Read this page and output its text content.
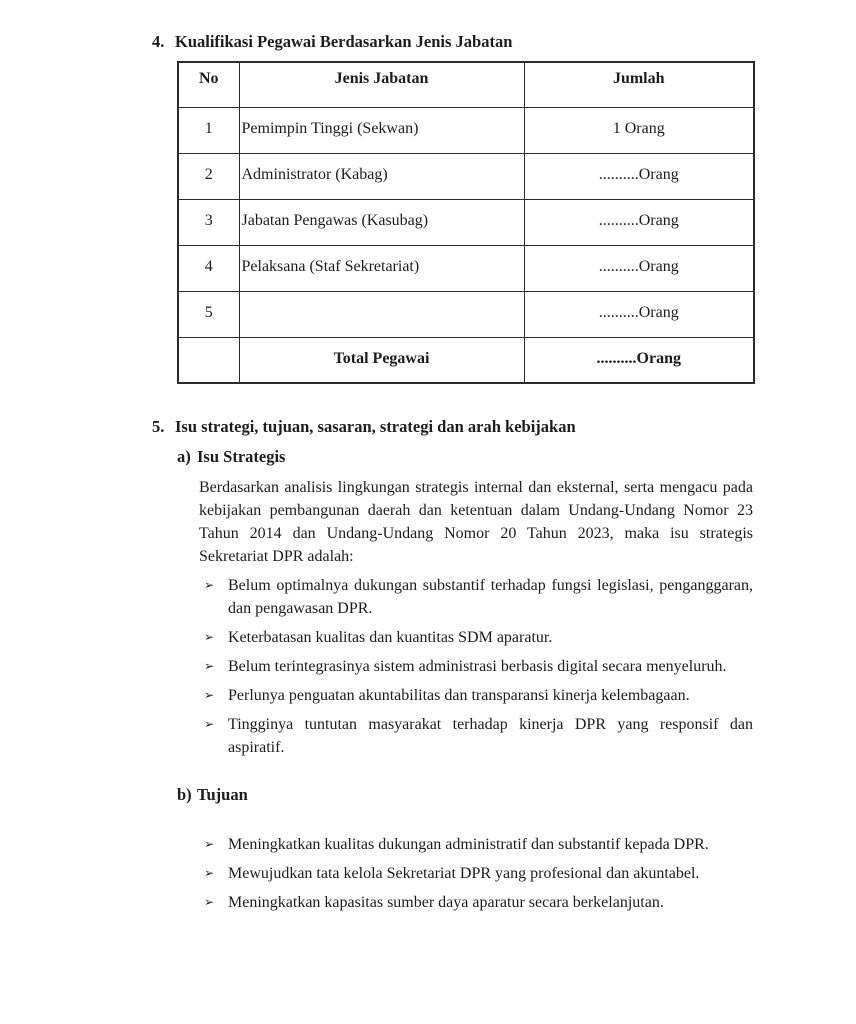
4. Kualifikasi Pegawai Berdasarkan Jenis Jabatan
No	Jenis Jabatan	Jumlah
1	Pemimpin Tinggi (Sekwan)	1 Orang
2	Administrator (Kabag)	..........Orang
3	Jabatan Pengawas (Kasubag)	..........Orang
4	Pelaksana (Staf Sekretariat)	..........Orang
5		..........Orang
	Total Pegawai	..........Orang
5. Isu strategi, tujuan, sasaran, strategi dan arah kebijakan
a) Isu Strategis

Berdasarkan analisis lingkungan strategis internal dan eksternal, serta mengacu pada kebijakan pembangunan daerah dan ketentuan dalam Undang-Undang Nomor 23 Tahun 2014 dan Undang-Undang Nomor 20 Tahun 2023, maka isu strategis Sekretariat DPR adalah:

➢ Belum optimalnya dukungan substantif terhadap fungsi legislasi, penganggaran, dan pengawasan DPR.
➢ Keterbatasan kualitas dan kuantitas SDM aparatur.
➢ Belum terintegrasinya sistem administrasi berbasis digital secara menyeluruh.
➢ Perlunya penguatan akuntabilitas dan transparansi kinerja kelembagaan.
➢ Tingginya tuntutan masyarakat terhadap kinerja DPR yang responsif dan aspiratif.
b) Tujuan
➢ Meningkatkan kualitas dukungan administratif dan substantif kepada DPR.
➢ Mewujudkan tata kelola Sekretariat DPR yang profesional dan akuntabel.
➢ Meningkatkan kapasitas sumber daya aparatur secara berkelanjutan.
